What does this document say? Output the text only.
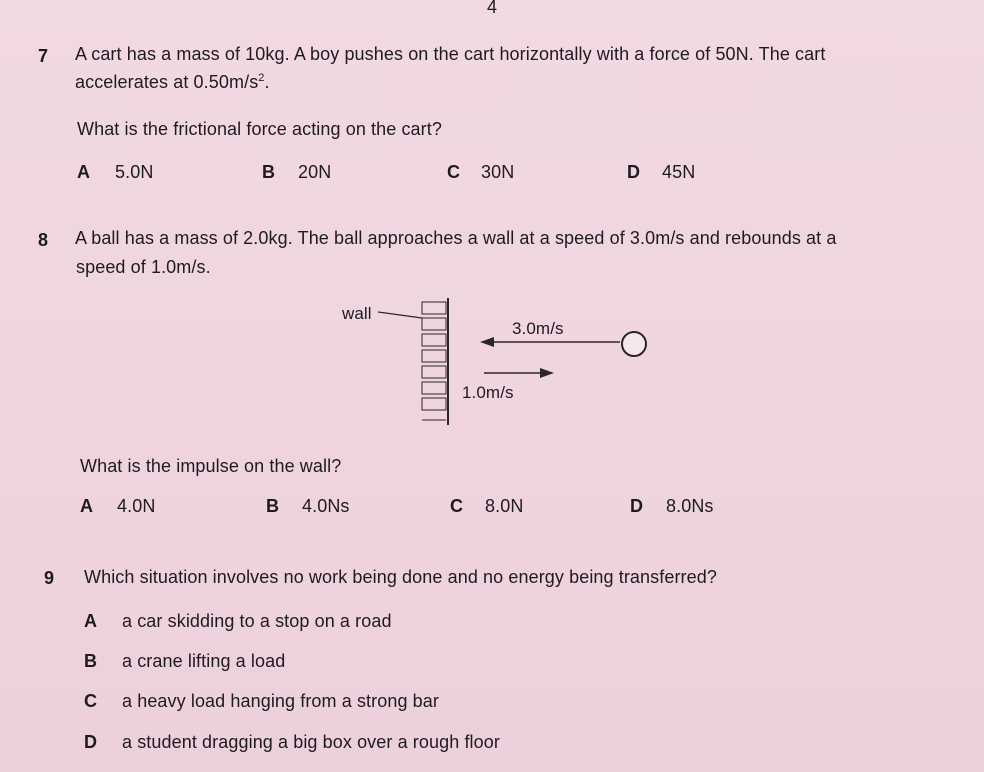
4
7 A cart has a mass of 10kg. A boy pushes on the cart horizontally with a force of 50N. The cart
accelerates at $0.50m/s^2$.
What is the frictional force acting on the cart?
A 5.0N	B 20N	C 30N	D 45N
8 A ball has a mass of 2.0kg. The ball approaches a wall at a speed of 3.0m/s and rebounds at a
speed of 1.0m/s.
wall
3.0m/s
1.0m/s
What is the impulse on the wall?
A 4.0N	B 4.0Ns	C 8.0N	D 8.0Ns
9 Which situation involves no work being done and no energy being transferred?
A a car skidding to a stop on a road
B a crane lifting a load
C a heavy load hanging from a strong bar
D a student dragging a big box over a rough floor
